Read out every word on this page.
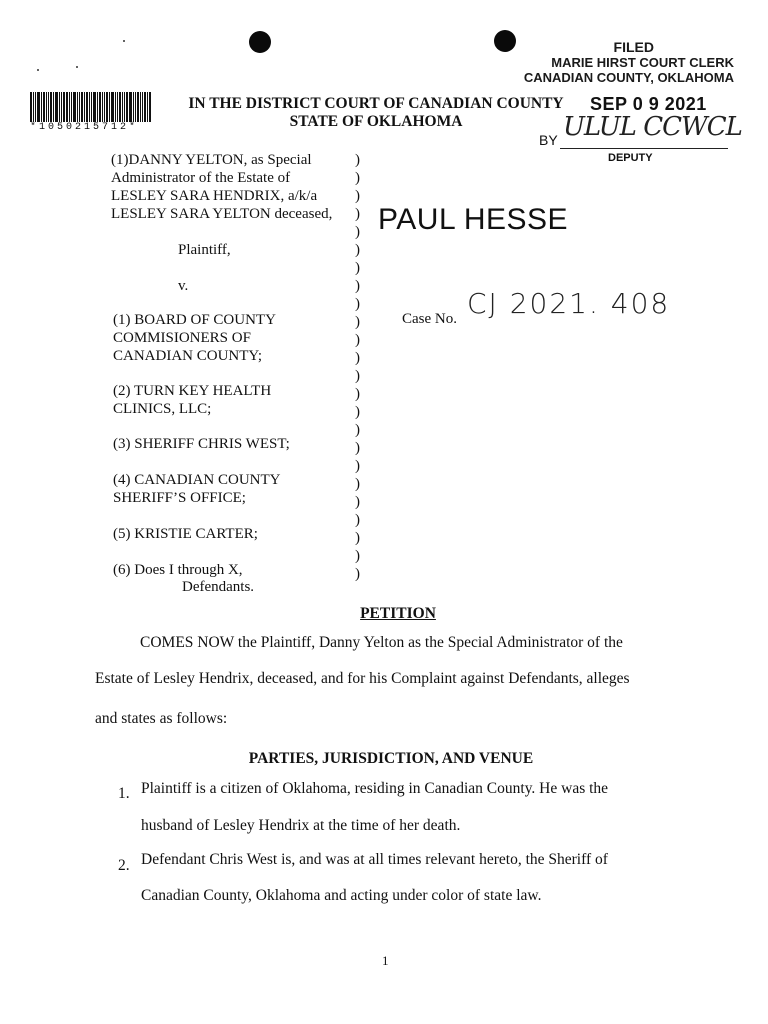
FILED
MARIE HIRST COURT CLERK
CANADIAN COUNTY, OKLAHOMA
*1050215712*
IN THE DISTRICT COURT OF CANADIAN COUNTY
STATE OF OKLAHOMA
SEP 0 9 2021
BY ULUL CCWCL
DEPUTY
(1)DANNY YELTON, as Special
Administrator of the Estate of
LESLEY SARA HENDRIX, a/k/a
LESLEY SARA YELTON deceased,
Plaintiff,
v.
(1) BOARD OF COUNTY
COMMISIONERS OF
CANADIAN COUNTY;
(2) TURN KEY HEALTH
CLINICS, LLC;
(3) SHERIFF CHRIS WEST;
(4) CANADIAN COUNTY
SHERIFF’S OFFICE;
(5) KRISTIE CARTER;
(6) Does I through X,
Defendants.
)
)
)
)
)
)
)
)
)
)
)
)
)
)
)
)
)
)
)
)
)
)
)
)
PAUL HESSE
Case No. CJ 2021. 408
PETITION
COMES NOW the Plaintiff, Danny Yelton as the Special Administrator of the
Estate of Lesley Hendrix, deceased, and for his Complaint against Defendants, alleges
and states as follows:
PARTIES, JURISDICTION, AND VENUE
1. Plaintiff is a citizen of Oklahoma, residing in Canadian County. He was the
husband of Lesley Hendrix at the time of her death.
2. Defendant Chris West is, and was at all times relevant hereto, the Sheriff of
Canadian County, Oklahoma and acting under color of state law.
1
